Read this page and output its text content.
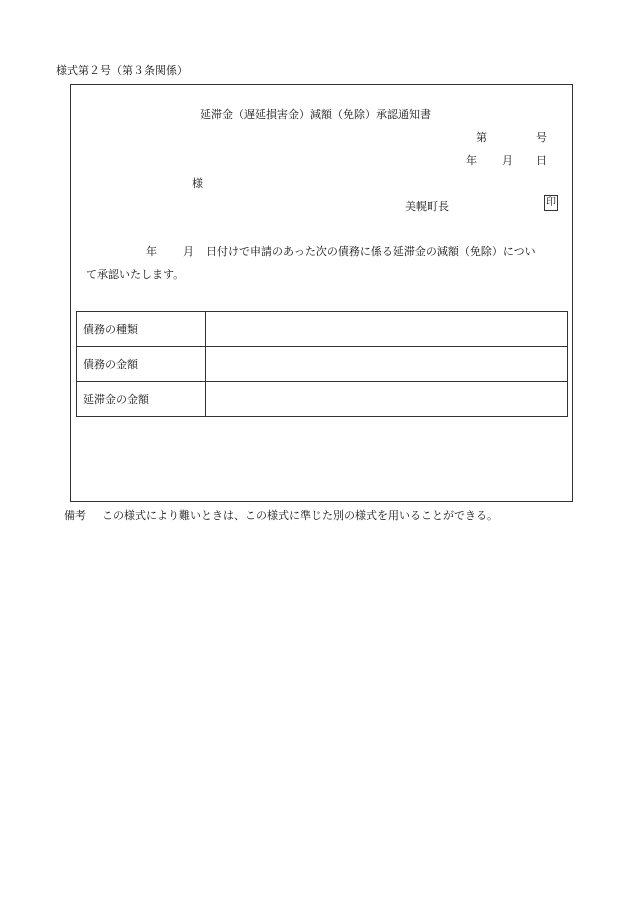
様式第２号（第３条関係）
延滞金（遅延損害金）減額（免除）承認通知書
第	号
年 月 日
様
美幌町長	印
年 月 日付けで申請のあった次の債務に係る延滞金の減額（免除）につい
て承認いたします。
債務の種類	
債務の金額	
延滞金の金額	
備考 この様式により難いときは、この様式に準じた別の様式を用いることができる。
